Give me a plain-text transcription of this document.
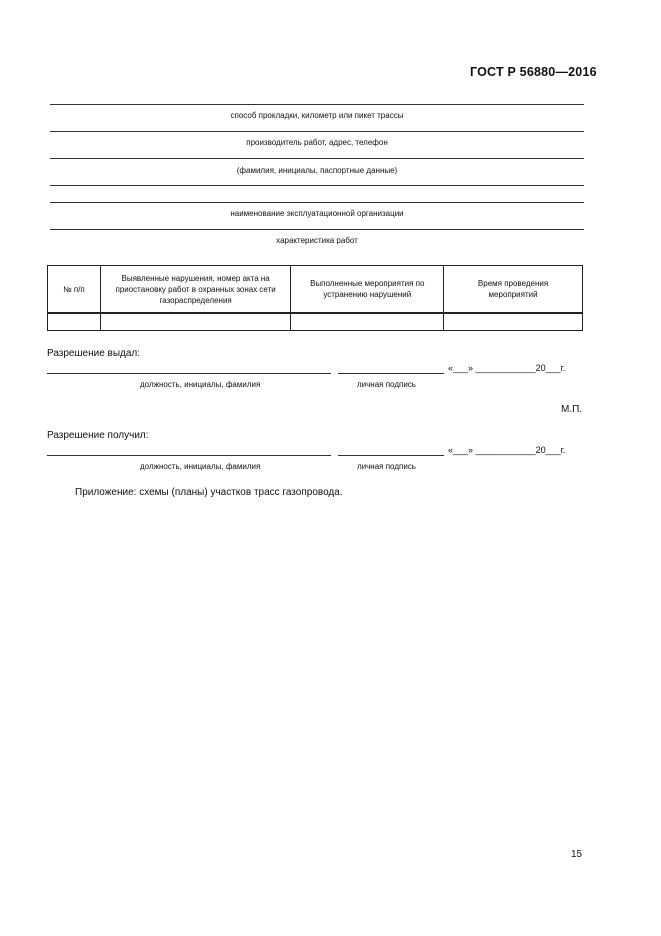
ГОСТ Р 56880—2016
способ прокладки, километр или пикет трассы
производитель работ, адрес, телефон
(фамилия, инициалы, паспортные данные)
наименование эксплуатационной организации
характеристика работ
№ п/п	Выявленные нарушения, номер акта на приостановку работ в охранных зонах сети газораспределения	Выполненные мероприятия по устранению нарушений	Время проведения мероприятий

Разрешение выдал:
«___» ____________20___г.
должность, инициалы, фамилия	личная подпись
М.П.
Разрешение получил:
«___» ____________20___г.
должность, инициалы, фамилия	личная подпись
Приложение: схемы (планы) участков трасс газопровода.
15
